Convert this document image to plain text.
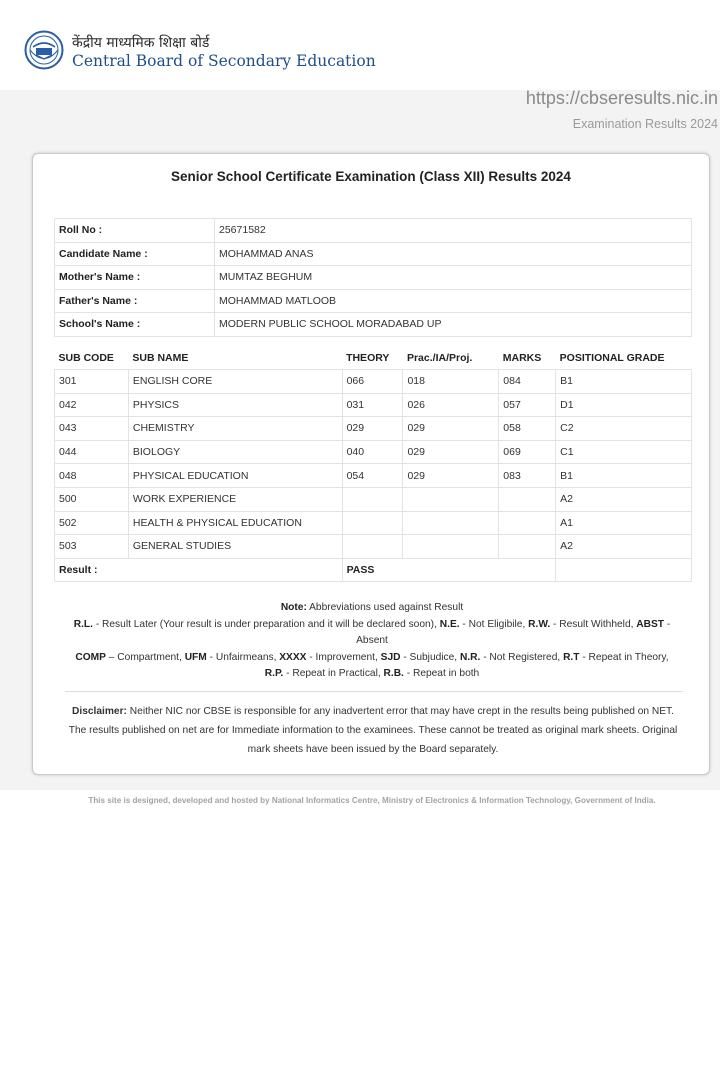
केंद्रीय माध्यमिक शिक्षा बोर्ड
Central Board of Secondary Education
https://cbseresults.nic.in
Examination Results 2024
Senior School Certificate Examination (Class XII) Results 2024
Roll No :	25671582
Candidate Name :	MOHAMMAD ANAS
Mother's Name :	MUMTAZ BEGHUM
Father's Name :	MOHAMMAD MATLOOB
School's Name :	MODERN PUBLIC SCHOOL MORADABAD UP
SUB CODE	SUB NAME	THEORY	Prac./IA/Proj.	MARKS	POSITIONAL GRADE
301	ENGLISH CORE	066	018	084	B1
042	PHYSICS	031	026	057	D1
043	CHEMISTRY	029	029	058	C2
044	BIOLOGY	040	029	069	C1
048	PHYSICAL EDUCATION	054	029	083	B1
500	WORK EXPERIENCE				A2
502	HEALTH & PHYSICAL EDUCATION				A1
503	GENERAL STUDIES				A2
Result :		PASS			
Note: Abbreviations used against Result
R.L. - Result Later (Your result is under preparation and it will be declared soon), N.E. - Not Eligibile, R.W. - Result Withheld, ABST - Absent
COMP – Compartment, UFM - Unfairmeans, XXXX - Improvement, SJD - Subjudice, N.R. - Not Registered, R.T - Repeat in Theory, R.P. - Repeat in Practical, R.B. - Repeat in both
Disclaimer: Neither NIC nor CBSE is responsible for any inadvertent error that may have crept in the results being published on NET. The results published on net are for Immediate information to the examinees. These cannot be treated as original mark sheets. Original mark sheets have been issued by the Board separately.
This site is designed, developed and hosted by National Informatics Centre, Ministry of Electronics & Information Technology, Government of India.
